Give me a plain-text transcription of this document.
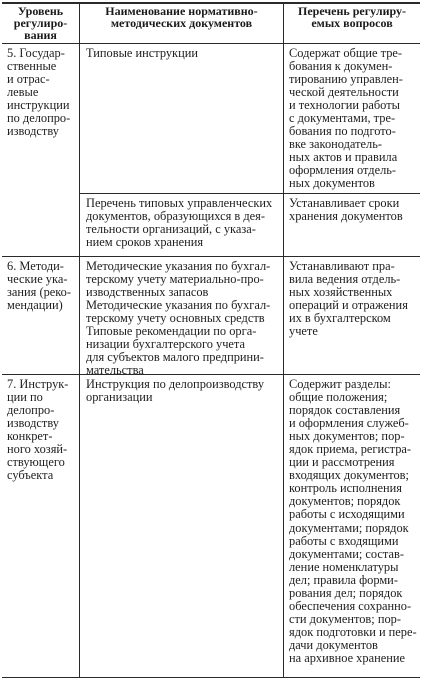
Уровень
регулиро-
вания
Наименование нормативно-
методических документов
Перечень регулиру-
емых вопросов
5. Государ-
ственные
и отрас-
левые
инструкции
по делопро-
изводству
Типовые инструкции	Содержат общие тре-
бования к докумен-
тированию управлен-
ческой деятельности
и технологии работы
с документами, тре-
бования по подгото-
вке законодатель-
ных актов и правила
оформления отдель-
ных документов
Перечень типовых управленческих
документов, образующихся в дея-
тельности организаций, с указа-
нием сроков хранения
Устанавливает сроки
хранения документов
6. Методи-
ческие ука-
зания (реко-
мендации)
Методические указания по бухгал-
терскому учету материально-про-
изводственных запасов
Методические указания по бухгал-
терскому учету основных средств
Типовые рекомендации по орга-
низации бухгалтерского учета
для субъектов малого предприни-
мательства
Устанавливают пра-
вила ведения отдель-
ных хозяйственных
операций и отражения
их в бухгалтерском
учете
7. Инструк-
ции по делопро-
изводству
конкрет-
ного хозяй-
ствующего
субъекта
Инструкция по делопроизводству
организации
Содержит разделы:
общие положения;
порядок составления
и оформления служеб-
ных документов; пор-
ядок приема, регистра-
ции и рассмотрения
входящих документов;
контроль исполнения
документов; порядок
работы с исходящими
документами; порядок
работы с входящими
документами; состав-
ление номенклатуры
дел; правила форми-
рования дел; порядок
обеспечения сохранно-
сти документов; пор-
ядок подготовки и пере-
дачи документов
на архивное хранение
